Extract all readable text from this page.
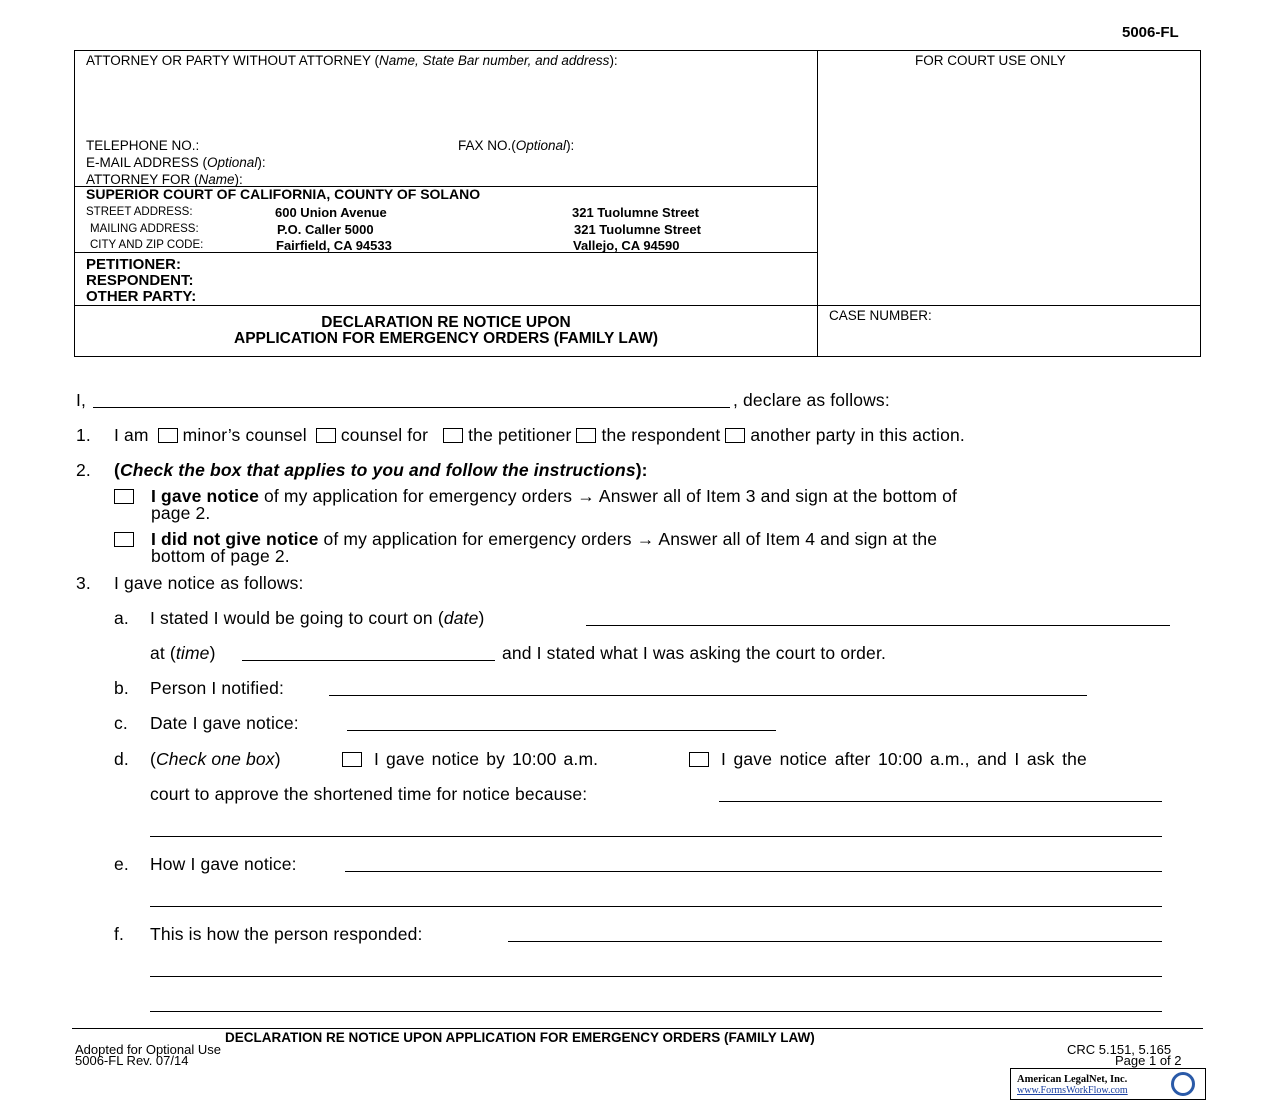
5006-FL
ATTORNEY OR PARTY WITHOUT ATTORNEY (Name, State Bar number, and address):	FOR COURT USE ONLY
TELEPHONE NO.:	FAX NO.(Optional):
E-MAIL ADDRESS (Optional):
ATTORNEY FOR (Name):
SUPERIOR COURT OF CALIFORNIA, COUNTY OF SOLANO
STREET ADDRESS:	600 Union Avenue	321 Tuolumne Street
MAILING ADDRESS:	P.O. Caller 5000	321 Tuolumne Street
CITY AND ZIP CODE:	Fairfield, CA 94533	Vallejo, CA 94590
PETITIONER:
RESPONDENT:
OTHER PARTY:
DECLARATION RE NOTICE UPON
APPLICATION FOR EMERGENCY ORDERS (FAMILY LAW)
CASE NUMBER:
I,	, declare as follows:
1. I am minor’s counsel counsel for the petitioner the respondent another party in this action.
2. (Check the box that applies to you and follow the instructions):
I gave notice of my application for emergency orders → Answer all of Item 3 and sign at the bottom of
page 2.
I did not give notice of my application for emergency orders → Answer all of Item 4 and sign at the
bottom of page 2.
3. I gave notice as follows:
a. I stated I would be going to court on (date)
at (time)	and I stated what I was asking the court to order.
b. Person I notified:
c. Date I gave notice:
d. (Check one box)	I gave notice by 10:00 a.m.	I gave notice after 10:00 a.m., and I ask the
court to approve the shortened time for notice because:
e. How I gave notice:
f. This is how the person responded:
DECLARATION RE NOTICE UPON APPLICATION FOR EMERGENCY ORDERS (FAMILY LAW)
Adopted for Optional Use
5006-FL Rev. 07/14
CRC 5.151, 5.165
Page 1 of 2
American LegalNet, Inc.
www.FormsWorkFlow.com
